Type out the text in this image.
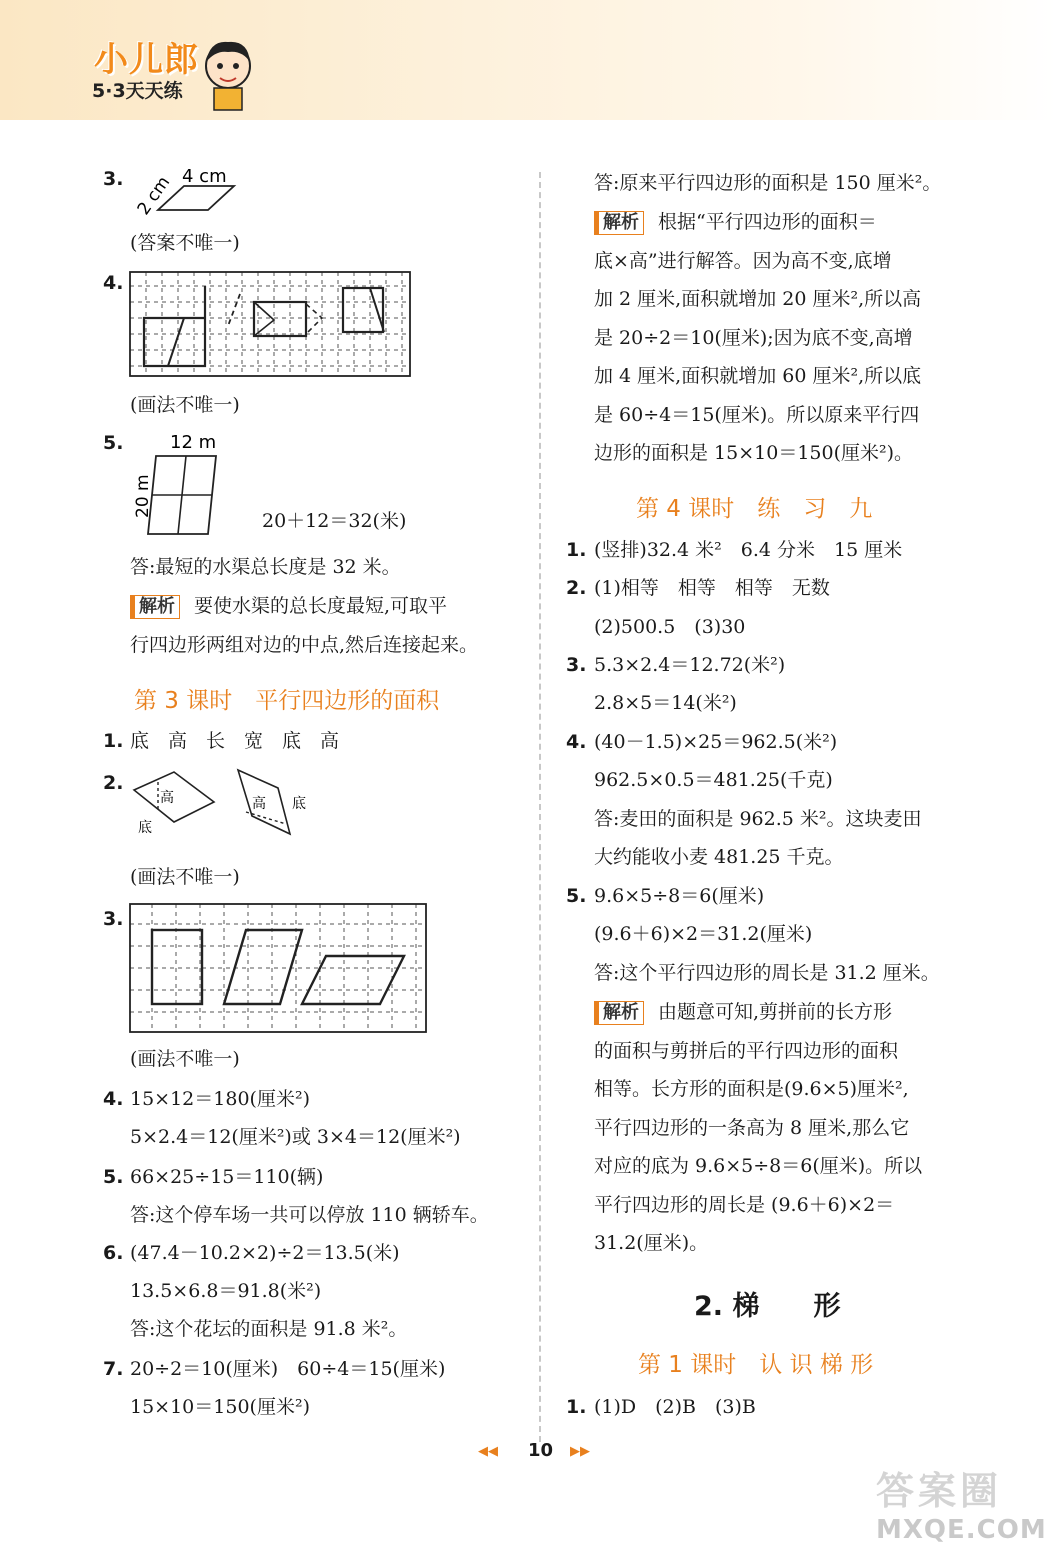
小儿郎
5·3天天练
3.	4 cm
2 cm
(答案不唯一)
4.
(画法不唯一)
5.	12 m
20 m
20＋12＝32(米)
答:最短的水渠总长度是 32 米。
解析 要使水渠的总长度最短,可取平
行四边形两组对边的中点,然后连接起来。
第 3 课时　平行四边形的面积
1. 底　高　长　宽　底　高
2.
高
底
高 底
(画法不唯一)
3.
(画法不唯一)
4. 15×12＝180(厘米²)
5×2.4＝12(厘米²)或 3×4＝12(厘米²)
5. 66×25÷15＝110(辆)
答:这个停车场一共可以停放 110 辆轿车。
6. (47.4－10.2×2)÷2＝13.5(米)
13.5×6.8＝91.8(米²)
答:这个花坛的面积是 91.8 米²。
7. 20÷2＝10(厘米)　60÷4＝15(厘米)
15×10＝150(厘米²)
答:原来平行四边形的面积是 150 厘米²。
解析 根据“平行四边形的面积＝
底×高”进行解答。因为高不变,底增
加 2 厘米,面积就增加 20 厘米²,所以高
是 20÷2＝10(厘米);因为底不变,高增
加 4 厘米,面积就增加 60 厘米²,所以底
是 60÷4＝15(厘米)。所以原来平行四
边形的面积是 15×10＝150(厘米²)。
第 4 课时　练　习　九
1. (竖排)32.4 米²　6.4 分米　15 厘米
2. (1)相等　相等　相等　无数
(2)500.5　(3)30
3. 5.3×2.4＝12.72(米²)
2.8×5＝14(米²)
4. (40－1.5)×25＝962.5(米²)
962.5×0.5＝481.25(千克)
答:麦田的面积是 962.5 米²。这块麦田
大约能收小麦 481.25 千克。
5. 9.6×5÷8＝6(厘米)
(9.6＋6)×2＝31.2(厘米)
答:这个平行四边形的周长是 31.2 厘米。
解析 由题意可知,剪拼前的长方形
的面积与剪拼后的平行四边形的面积
相等。长方形的面积是(9.6×5)厘米²,
平行四边形的一条高为 8 厘米,那么它
对应的底为 9.6×5÷8＝6(厘米)。所以
平行四边形的周长是 (9.6＋6)×2＝
31.2(厘米)。
2. 梯　　形
第 1 课时　认 识 梯 形
1. (1)D　(2)B　(3)B
◀◀ 10 ▶▶
答案圈
MXQE.COM
